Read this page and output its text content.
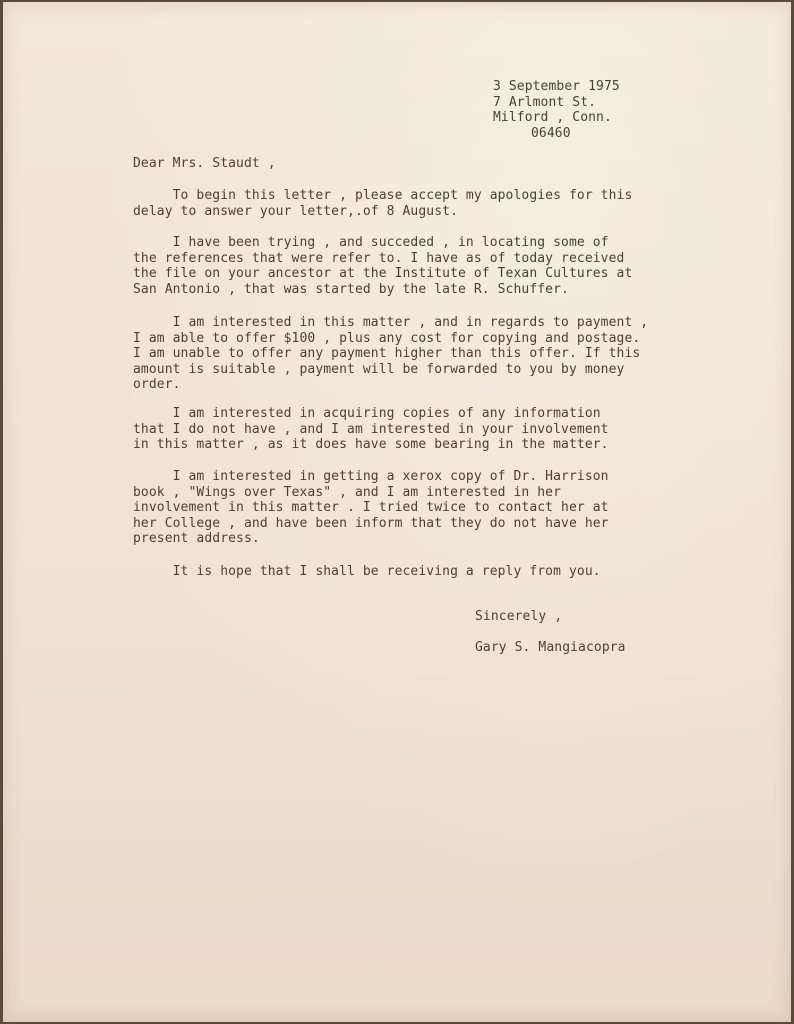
3 September 1975
7 Arlmont St.
Milford , Conn.
06460
Dear Mrs. Staudt ,
To begin this letter , please accept my apologies for this
delay to answer your letter,.of 8 August.
I have been trying , and succeded , in locating some of
the references that were refer to. I have as of today received
the file on your ancestor at the Institute of Texan Cultures at
San Antonio , that was started by the late R. Schuffer.
I am interested in this matter , and in regards to payment ,
I am able to offer $100 , plus any cost for copying and postage.
I am unable to offer any payment higher than this offer. If this
amount is suitable , payment will be forwarded to you by money
order.
I am interested in acquiring copies of any information
that I do not have , and I am interested in your involvement
in this matter , as it does have some bearing in the matter.
I am interested in getting a xerox copy of Dr. Harrison
book , "Wings over Texas" , and I am interested in her
involvement in this matter . I tried twice to contact her at
her College , and have been inform that they do not have her
present address.
It is hope that I shall be receiving a reply from you.
Sincerely ,
Gary S. Mangiacopra
